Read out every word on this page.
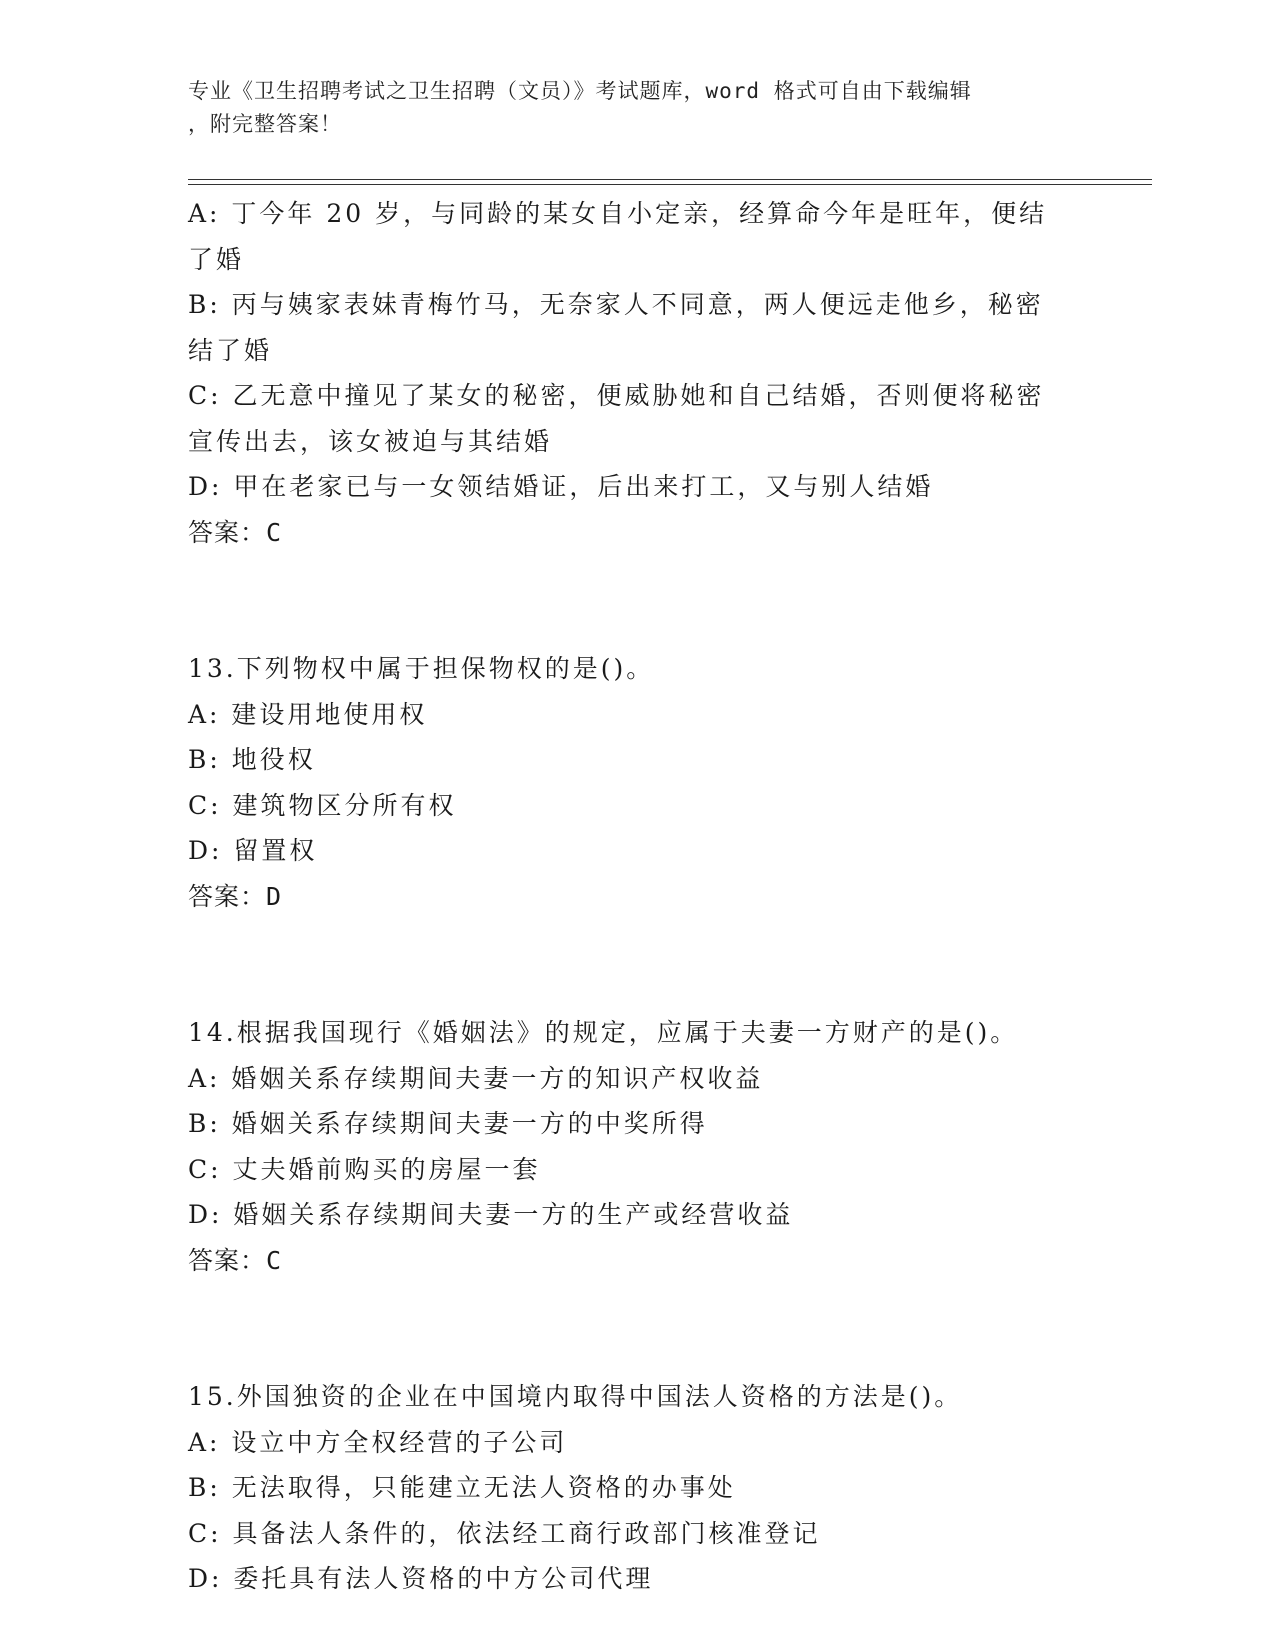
专业《卫生招聘考试之卫生招聘（文员）》考试题库，word 格式可自由下载编辑
，附完整答案！
A: 丁今年 20 岁，与同龄的某女自小定亲，经算命今年是旺年，便结
了婚
B: 丙与姨家表妹青梅竹马，无奈家人不同意，两人便远走他乡，秘密
结了婚
C: 乙无意中撞见了某女的秘密，便威胁她和自己结婚，否则便将秘密
宣传出去，该女被迫与其结婚
D: 甲在老家已与一女领结婚证，后出来打工，又与别人结婚
答案：C
13.下列物权中属于担保物权的是()。
A: 建设用地使用权
B: 地役权
C: 建筑物区分所有权
D: 留置权
答案：D
14.根据我国现行《婚姻法》的规定，应属于夫妻一方财产的是()。
A: 婚姻关系存续期间夫妻一方的知识产权收益
B: 婚姻关系存续期间夫妻一方的中奖所得
C: 丈夫婚前购买的房屋一套
D: 婚姻关系存续期间夫妻一方的生产或经营收益
答案：C
15.外国独资的企业在中国境内取得中国法人资格的方法是()。
A: 设立中方全权经营的子公司
B: 无法取得，只能建立无法人资格的办事处
C: 具备法人条件的，依法经工商行政部门核准登记
D: 委托具有法人资格的中方公司代理
